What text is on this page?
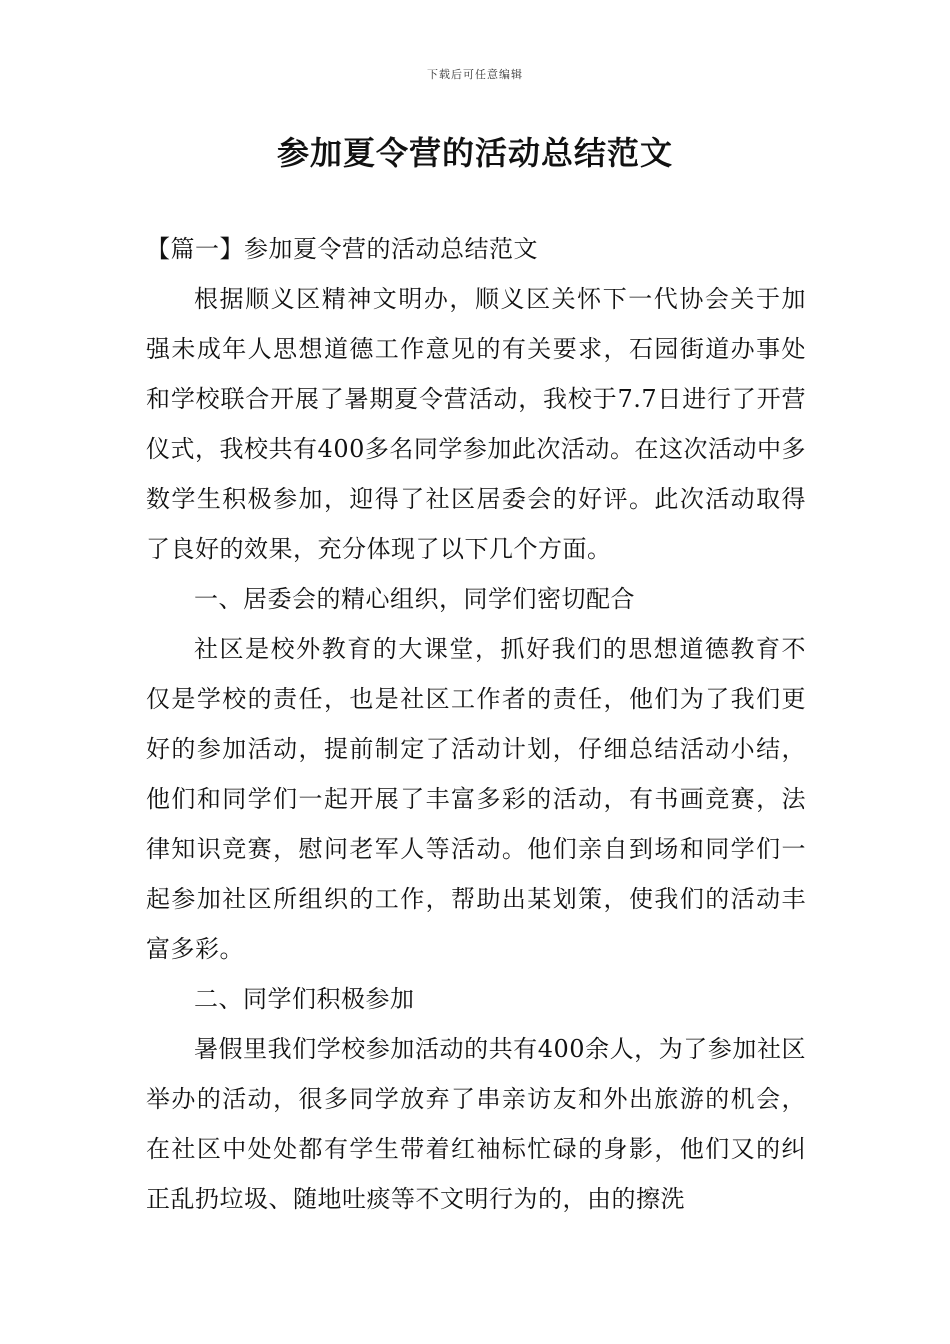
下载后可任意编辑
参加夏令营的活动总结范文

【篇一】参加夏令营的活动总结范文

根据顺义区精神文明办，顺义区关怀下一代协会关于加强未成年人思想道德工作意见的有关要求，石园街道办事处和学校联合开展了暑期夏令营活动，我校于7.7日进行了开营仪式，我校共有400多名同学参加此次活动。在这次活动中多数学生积极参加，迎得了社区居委会的好评。此次活动取得了良好的效果，充分体现了以下几个方面。

一、居委会的精心组织，同学们密切配合

社区是校外教育的大课堂，抓好我们的思想道德教育不仅是学校的责任，也是社区工作者的责任，他们为了我们更好的参加活动，提前制定了活动计划，仔细总结活动小结，他们和同学们一起开展了丰富多彩的活动，有书画竞赛，法律知识竞赛，慰问老军人等活动。他们亲自到场和同学们一起参加社区所组织的工作，帮助出某划策，使我们的活动丰富多彩。

二、同学们积极参加

暑假里我们学校参加活动的共有400余人，为了参加社区举办的活动，很多同学放弃了串亲访友和外出旅游的机会，在社区中处处都有学生带着红袖标忙碌的身影，他们又的纠正乱扔垃圾、随地吐痰等不文明行为的，由的擦洗
